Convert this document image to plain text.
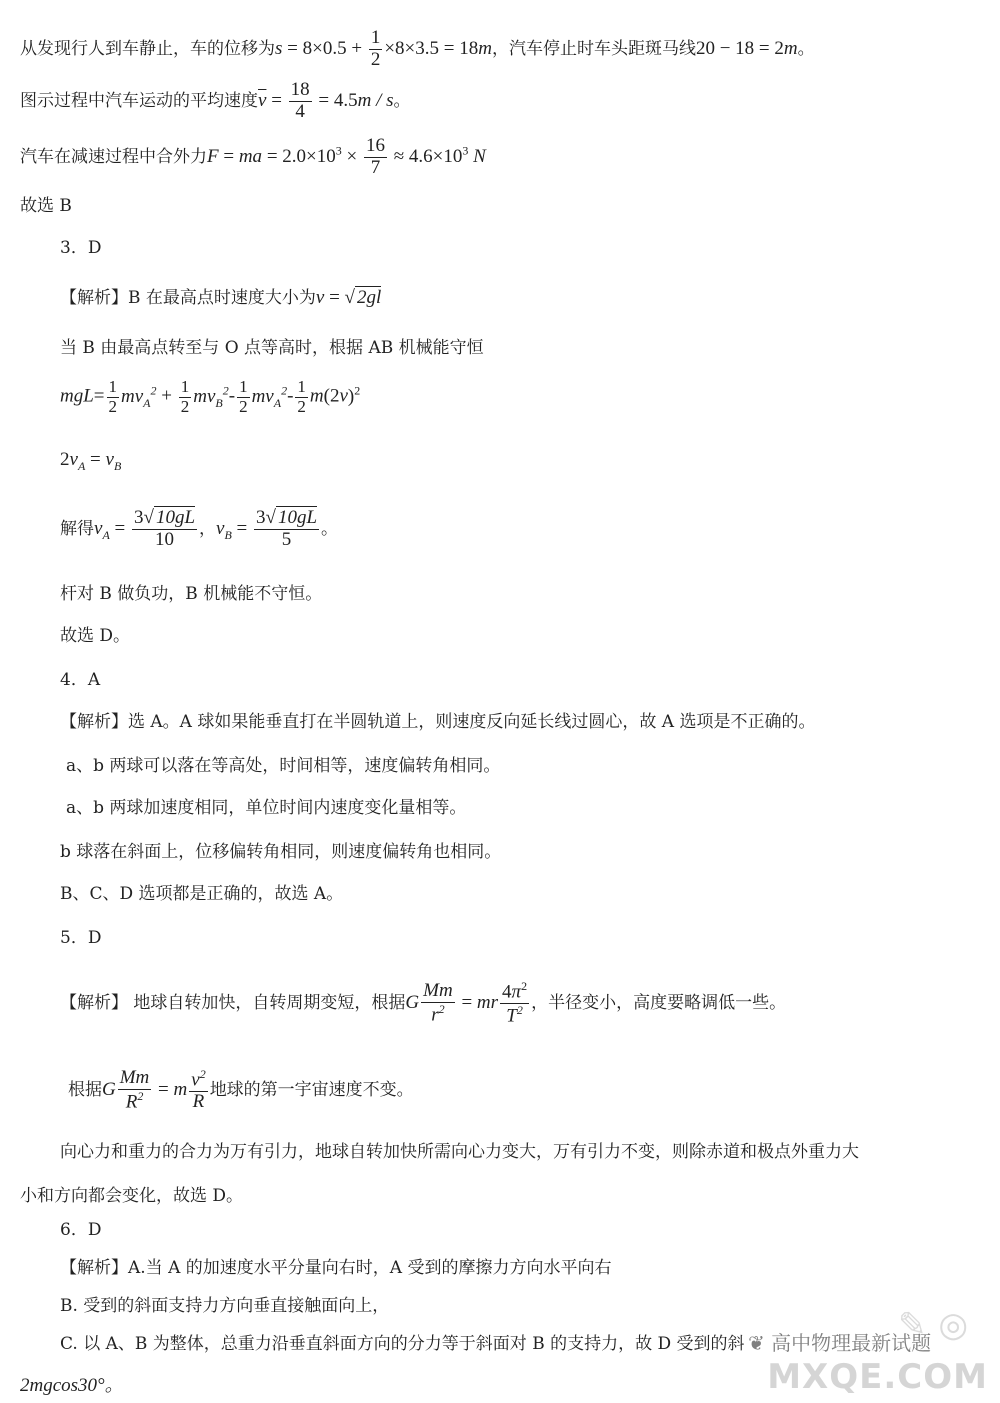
从发现行人到车静止，车的位移为$s = 8\times 0.5 + \frac{1}{2} \times 8\times 3.5 = 18m$，汽车停止时车头距斑马线20 − 18 = 2m。
图示过程中汽车运动的平均速度$\overline{v} = \frac{18}{4} = 4.5m / s$。
汽车在减速过程中合外力F = ma = $2.0\times 10^3 \times \frac{16}{7} \approx 4.6\times 10^3$ N
故选 B
3．D
【解析】B 在最高点时速度大小为v = √ 2gl
当 B 由最高点转至与 O 点等高时，根据 AB 机械能守恒
$mgL= \frac{1}{2} mv_A^2 + \frac{1}{2} mv_B^2- \frac{1}{2} mv_A^2- \frac{1}{2} m(2v)^2$
$2v_A = v_B$
解得$v_A = \frac{3√ 10gL}{10}$ ，$v_B = \frac{3√ 10gL}{5}$ 。
杆对 B 做负功，B 机械能不守恒。
故选 D。
4．A
【解析】选 A。A 球如果能垂直打在半圆轨道上，则速度反向延长线过圆心，故 A 选项是不正确的。
a、b 两球可以落在等高处，时间相等，速度偏转角相同。
a、b 两球加速度相同，单位时间内速度变化量相等。
b 球落在斜面上，位移偏转角相同，则速度偏转角也相同。
B、C、D 选项都是正确的，故选 A。
5．D
【解析】 地球自转加快，自转周期变短，根据G $\frac{Mm}{r^2}$ = mr $\frac{4\pi^2}{T^2}$ ，半径变小，高度要略调低一些。
根据G $\frac{Mm}{R^2} = m \frac{v^2}{R}$ 地球的第一宇宙速度不变。
向心力和重力的合力为万有引力，地球自转加快所需向心力变大，万有引力不变，则除赤道和极点外重力大
小和方向都会变化，故选 D。
6．D
【解析】A.当 A 的加速度水平分量向右时，A 受到的摩擦力方向水平向右
B. 受到的斜面支持力方向垂直接触面向上，
C. 以 A、B 为整体，总重力沿垂直斜面方向的分力等于斜面对 B 的支持力，故 D 受到的斜
2mgcos30°。
✎ ◎
❦ 高中物理最新试题
MXQE.COM
